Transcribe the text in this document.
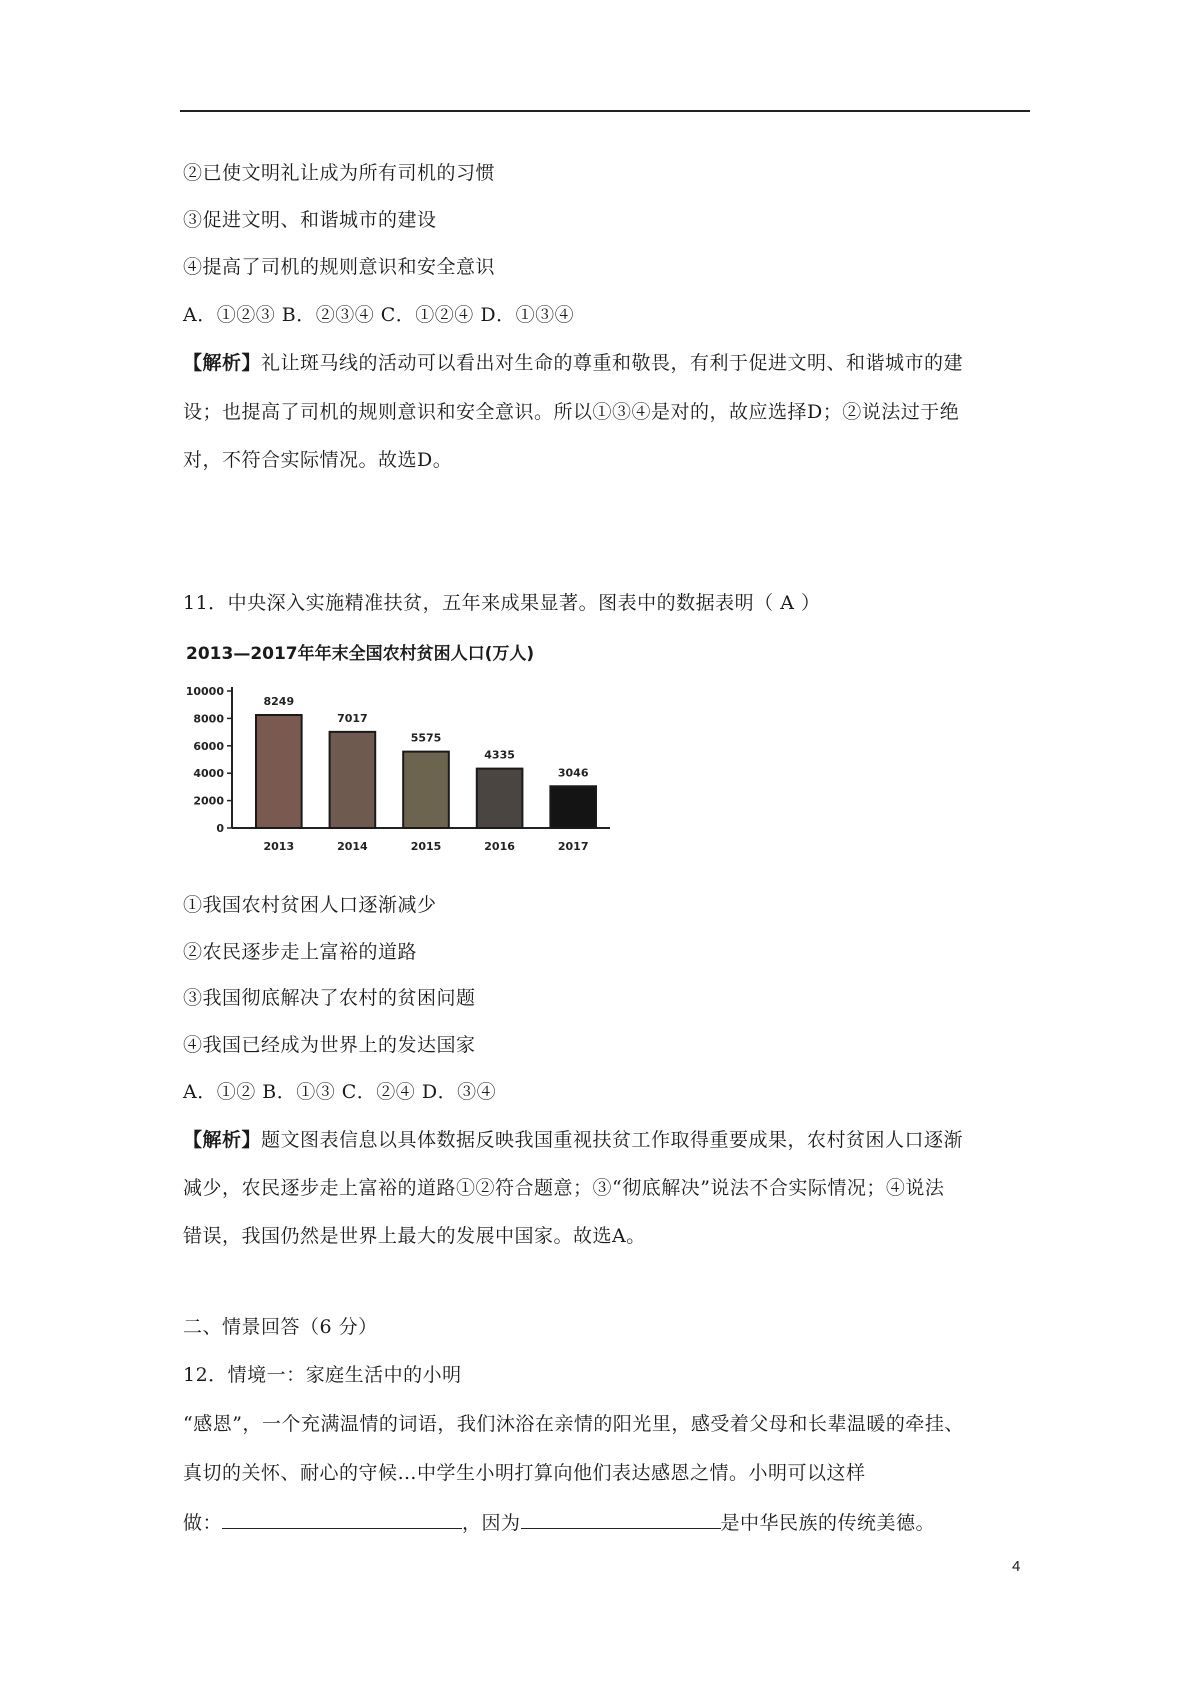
②已使文明礼让成为所有司机的习惯
③促进文明、和谐城市的建设
④提高了司机的规则意识和安全意识
A．①②③ B．②③④ C．①②④ D．①③④
【解析】礼让斑马线的活动可以看出对生命的尊重和敬畏，有利于促进文明、和谐城市的建
设；也提高了司机的规则意识和安全意识。所以①③④是对的，故应选择D；②说法过于绝
对，不符合实际情况。故选D。
11．中央深入实施精准扶贫，五年来成果显著。图表中的数据表明（ A ）
2013—2017年年末全国农村贫困人口(万人)
0
2000
4000
6000
8000
10000
8249
2013
7017
2014
5575
2015
4335
2016
3046
2017
①我国农村贫困人口逐渐减少
②农民逐步走上富裕的道路
③我国彻底解决了农村的贫困问题
④我国已经成为世界上的发达国家
A．①② B．①③ C．②④ D．③④
【解析】题文图表信息以具体数据反映我国重视扶贫工作取得重要成果，农村贫困人口逐渐
减少，农民逐步走上富裕的道路①②符合题意；③“彻底解决”说法不合实际情况；④说法
错误，我国仍然是世界上最大的发展中国家。故选A。
二、情景回答（6 分）
12．情境一：家庭生活中的小明
“感恩”，一个充满温情的词语，我们沐浴在亲情的阳光里，感受着父母和长辈温暖的牵挂、
真切的关怀、耐心的守候…中学生小明打算向他们表达感恩之情。小明可以这样
做：	，因为	是中华民族的传统美德。
4
